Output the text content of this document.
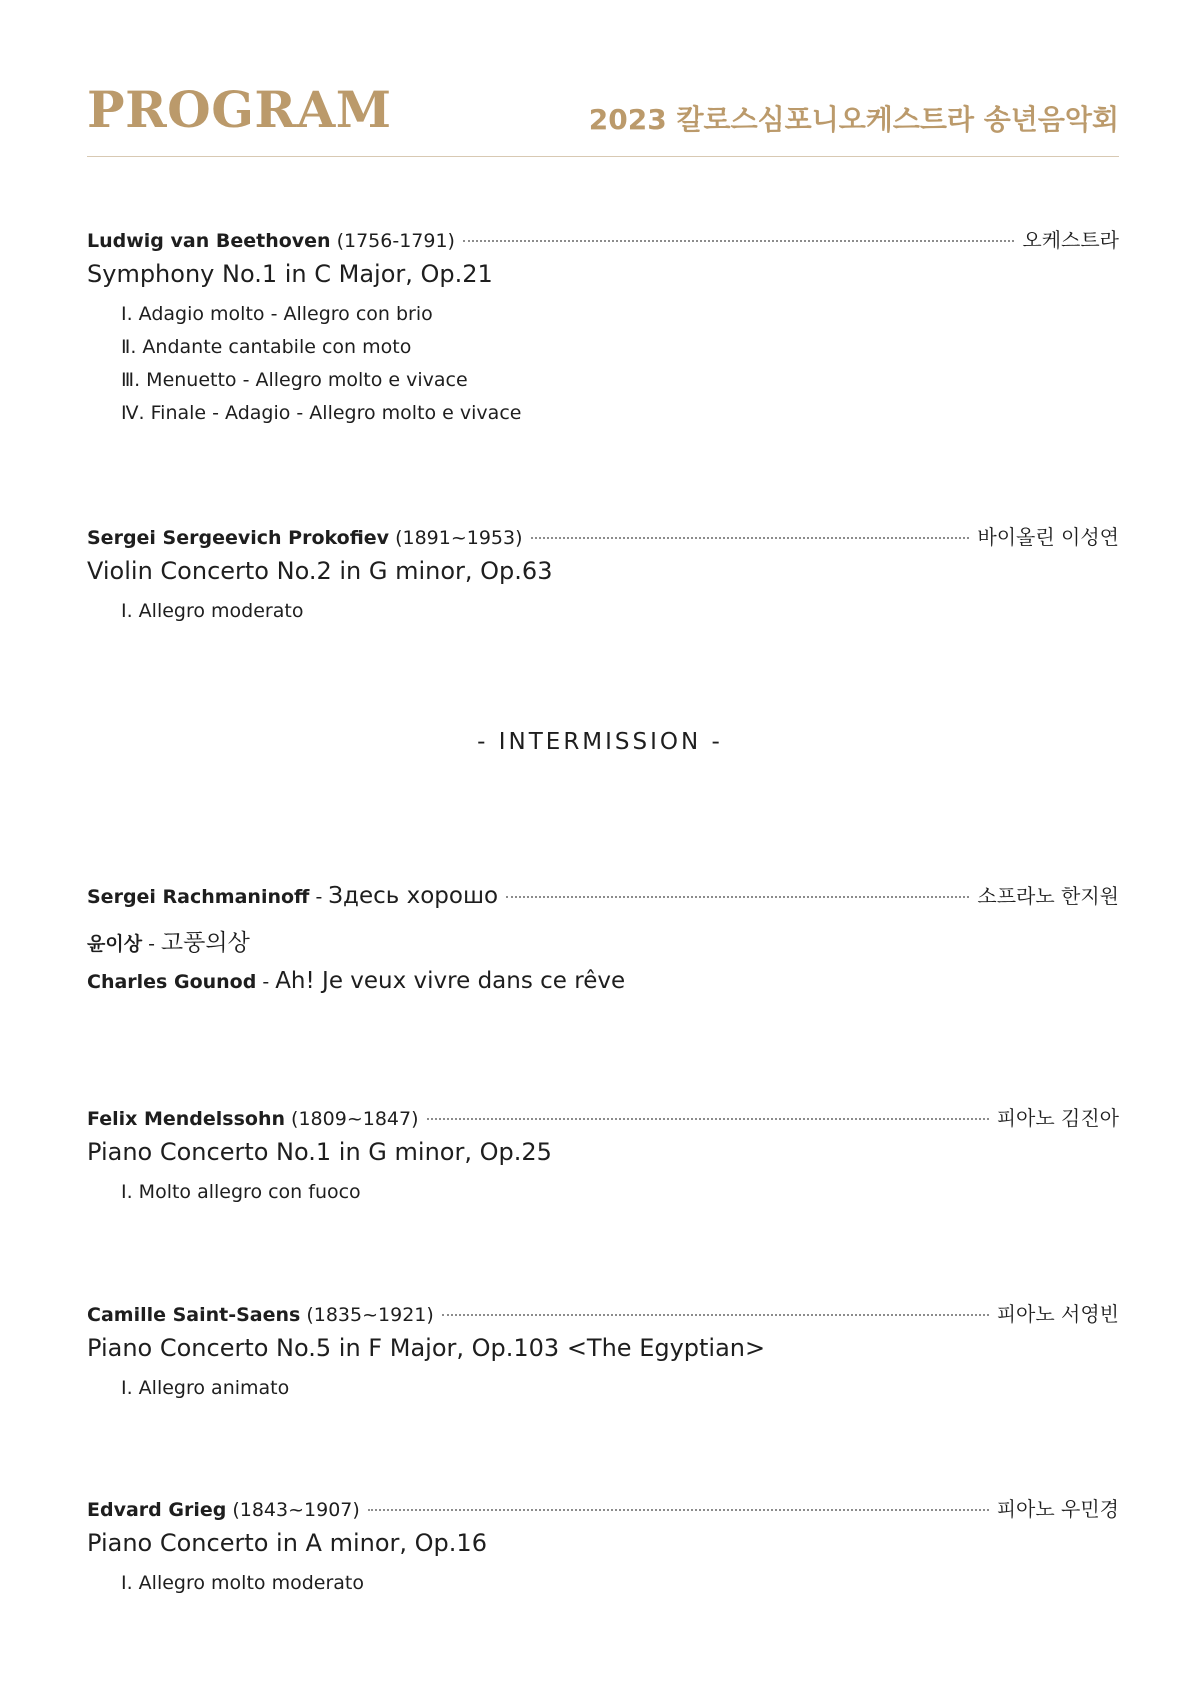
PROGRAM	2023 칼로스심포니오케스트라 송년음악회
Ludwig van Beethoven (1756-1791)	오케스트라
Symphony No.1 in C Major, Op.21
Ⅰ. Adagio molto - Allegro con brio
Ⅱ. Andante cantabile con moto
Ⅲ. Menuetto - Allegro molto e vivace
Ⅳ. Finale - Adagio - Allegro molto e vivace
Sergei Sergeevich Prokofiev (1891~1953)	바이올린 이성연
Violin Concerto No.2 in G minor, Op.63
Ⅰ. Allegro moderato
- INTERMISSION -
Sergei Rachmaninoff - Здесь хорошо	소프라노 한지원
윤이상 - 고풍의상
Charles Gounod - Ah! Je veux vivre dans ce rêve
Felix Mendelssohn (1809~1847)	피아노 김진아
Piano Concerto No.1 in G minor, Op.25
Ⅰ. Molto allegro con fuoco
Camille Saint-Saens (1835~1921)	피아노 서영빈
Piano Concerto No.5 in F Major, Op.103 <The Egyptian>
Ⅰ. Allegro animato
Edvard Grieg (1843~1907)	피아노 우민경
Piano Concerto in A minor, Op.16
Ⅰ. Allegro molto moderato
